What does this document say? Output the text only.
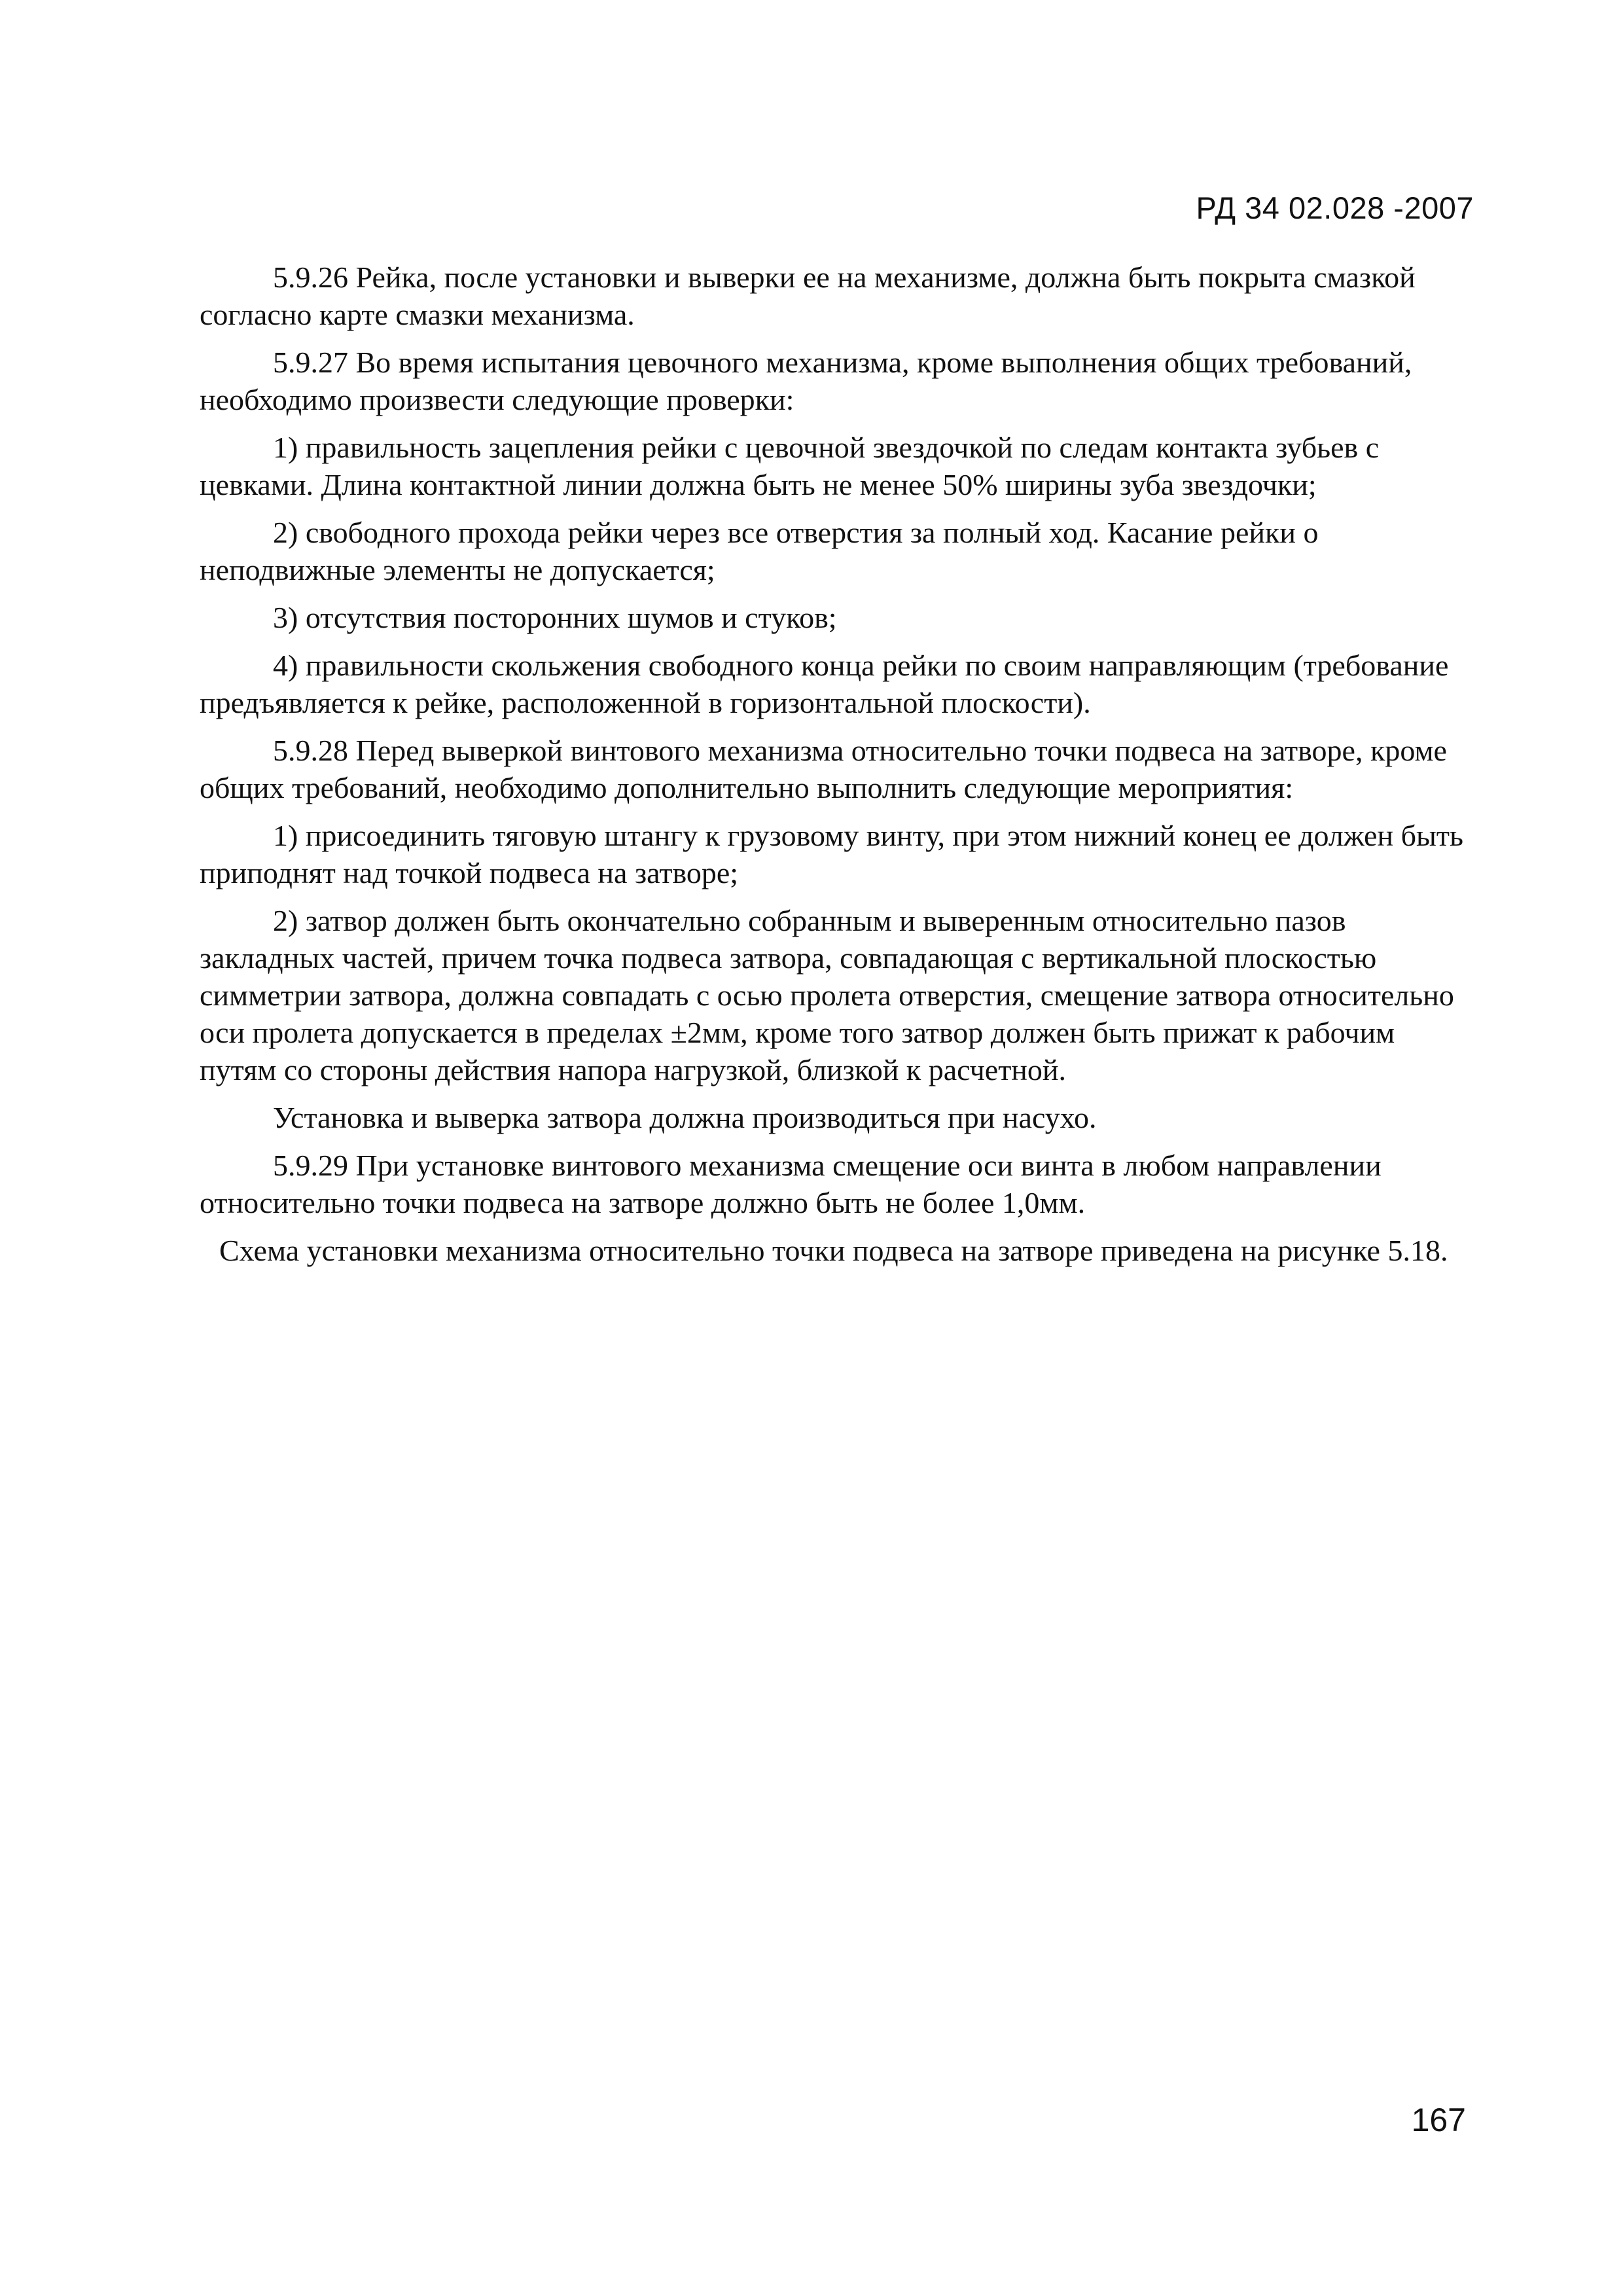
РД 34 02.028 -2007

5.9.26 Рейка, после установки и выверки ее на механизме, должна быть покрыта смазкой согласно карте смазки механизма.

5.9.27 Во время испытания цевочного механизма, кроме выполнения общих требований, необходимо произвести следующие проверки:

1) правильность зацепления рейки с цевочной звездочкой по следам контакта зубьев с цевками. Длина контактной линии должна быть не менее 50% ширины зуба звездочки;

2) свободного прохода рейки через все отверстия за полный ход. Касание рейки о неподвижные элементы не допускается;

3) отсутствия посторонних шумов и стуков;

4) правильности скольжения свободного конца рейки по своим направляющим (требование предъявляется к рейке, расположенной в горизонтальной плоскости).

5.9.28 Перед выверкой винтового механизма относительно точки подвеса на затворе, кроме общих требований, необходимо дополнительно выполнить следующие мероприятия:

1) присоединить тяговую штангу к грузовому винту, при этом нижний конец ее должен быть приподнят над точкой подвеса на затворе;

2) затвор должен быть окончательно собранным и выверенным относительно пазов закладных частей, причем точка подвеса затвора, совпадающая с вертикальной плоскостью симметрии затвора, должна совпадать с осью пролета отверстия, смещение затвора относительно оси пролета допускается в пределах ±2мм, кроме того затвор должен быть прижат к рабочим путям со стороны действия напора нагрузкой, близкой к расчетной.

Установка и выверка затвора должна производиться при насухо.

5.9.29 При установке винтового механизма смещение оси винта в любом направлении относительно точки подвеса на затворе должно быть не более 1,0мм.

Схема установки механизма относительно точки подвеса на затворе приведена на рисунке 5.18.

167
